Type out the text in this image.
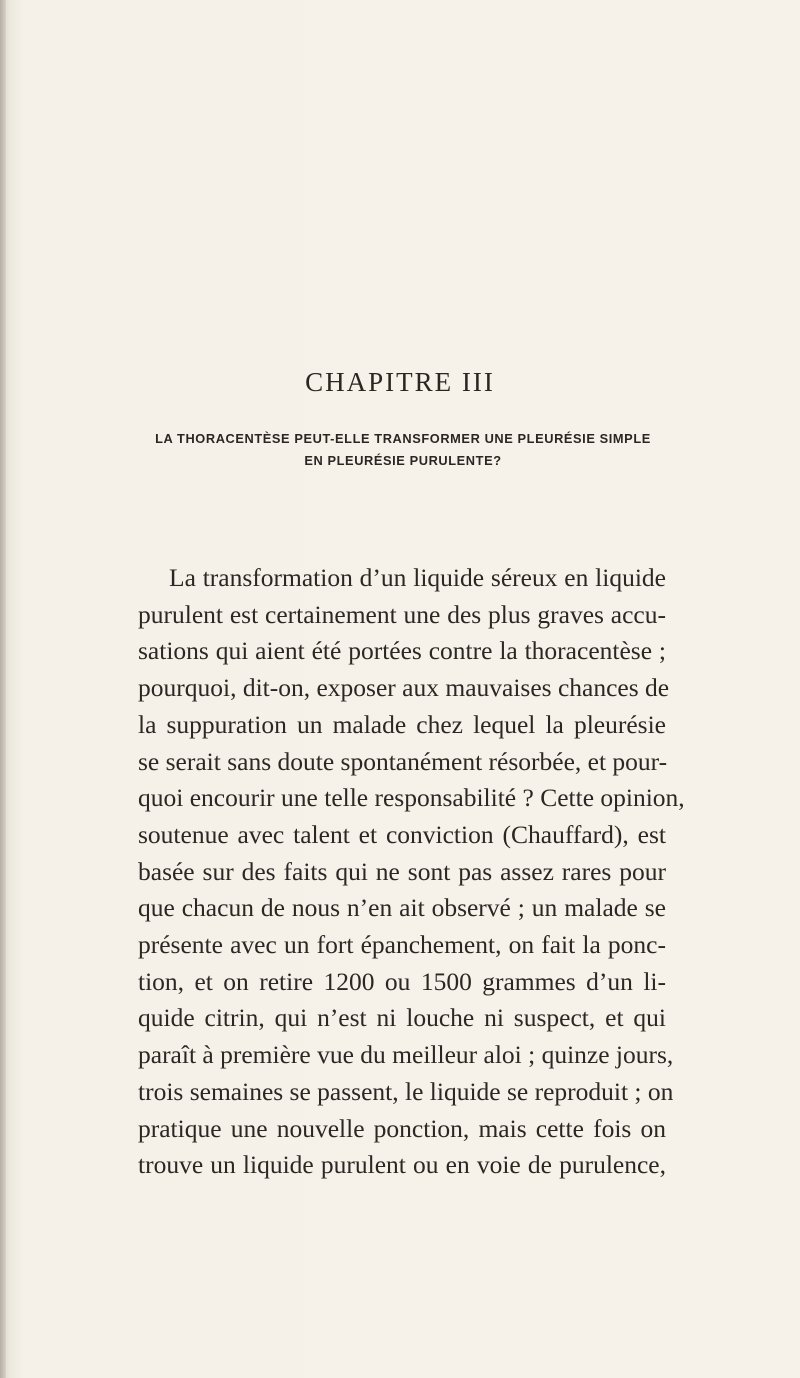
CHAPITRE III
LA THORACENTÈSE PEUT-ELLE TRANSFORMER UNE PLEURÉSIE SIMPLE
EN PLEURÉSIE PURULENTE?
La transformation d’un liquide séreux en liquide
purulent est certainement une des plus graves accu-
sations qui aient été portées contre la thoracentèse ;
pourquoi, dit-on, exposer aux mauvaises chances de
la suppuration un malade chez lequel la pleurésie
se serait sans doute spontanément résorbée, et pour-
quoi encourir une telle responsabilité ? Cette opinion,
soutenue avec talent et conviction (Chauffard), est
basée sur des faits qui ne sont pas assez rares pour
que chacun de nous n’en ait observé ; un malade se
présente avec un fort épanchement, on fait la ponc-
tion, et on retire 1200 ou 1500 grammes d’un li-
quide citrin, qui n’est ni louche ni suspect, et qui
paraît à première vue du meilleur aloi ; quinze jours,
trois semaines se passent, le liquide se reproduit ; on
pratique une nouvelle ponction, mais cette fois on
trouve un liquide purulent ou en voie de purulence,
